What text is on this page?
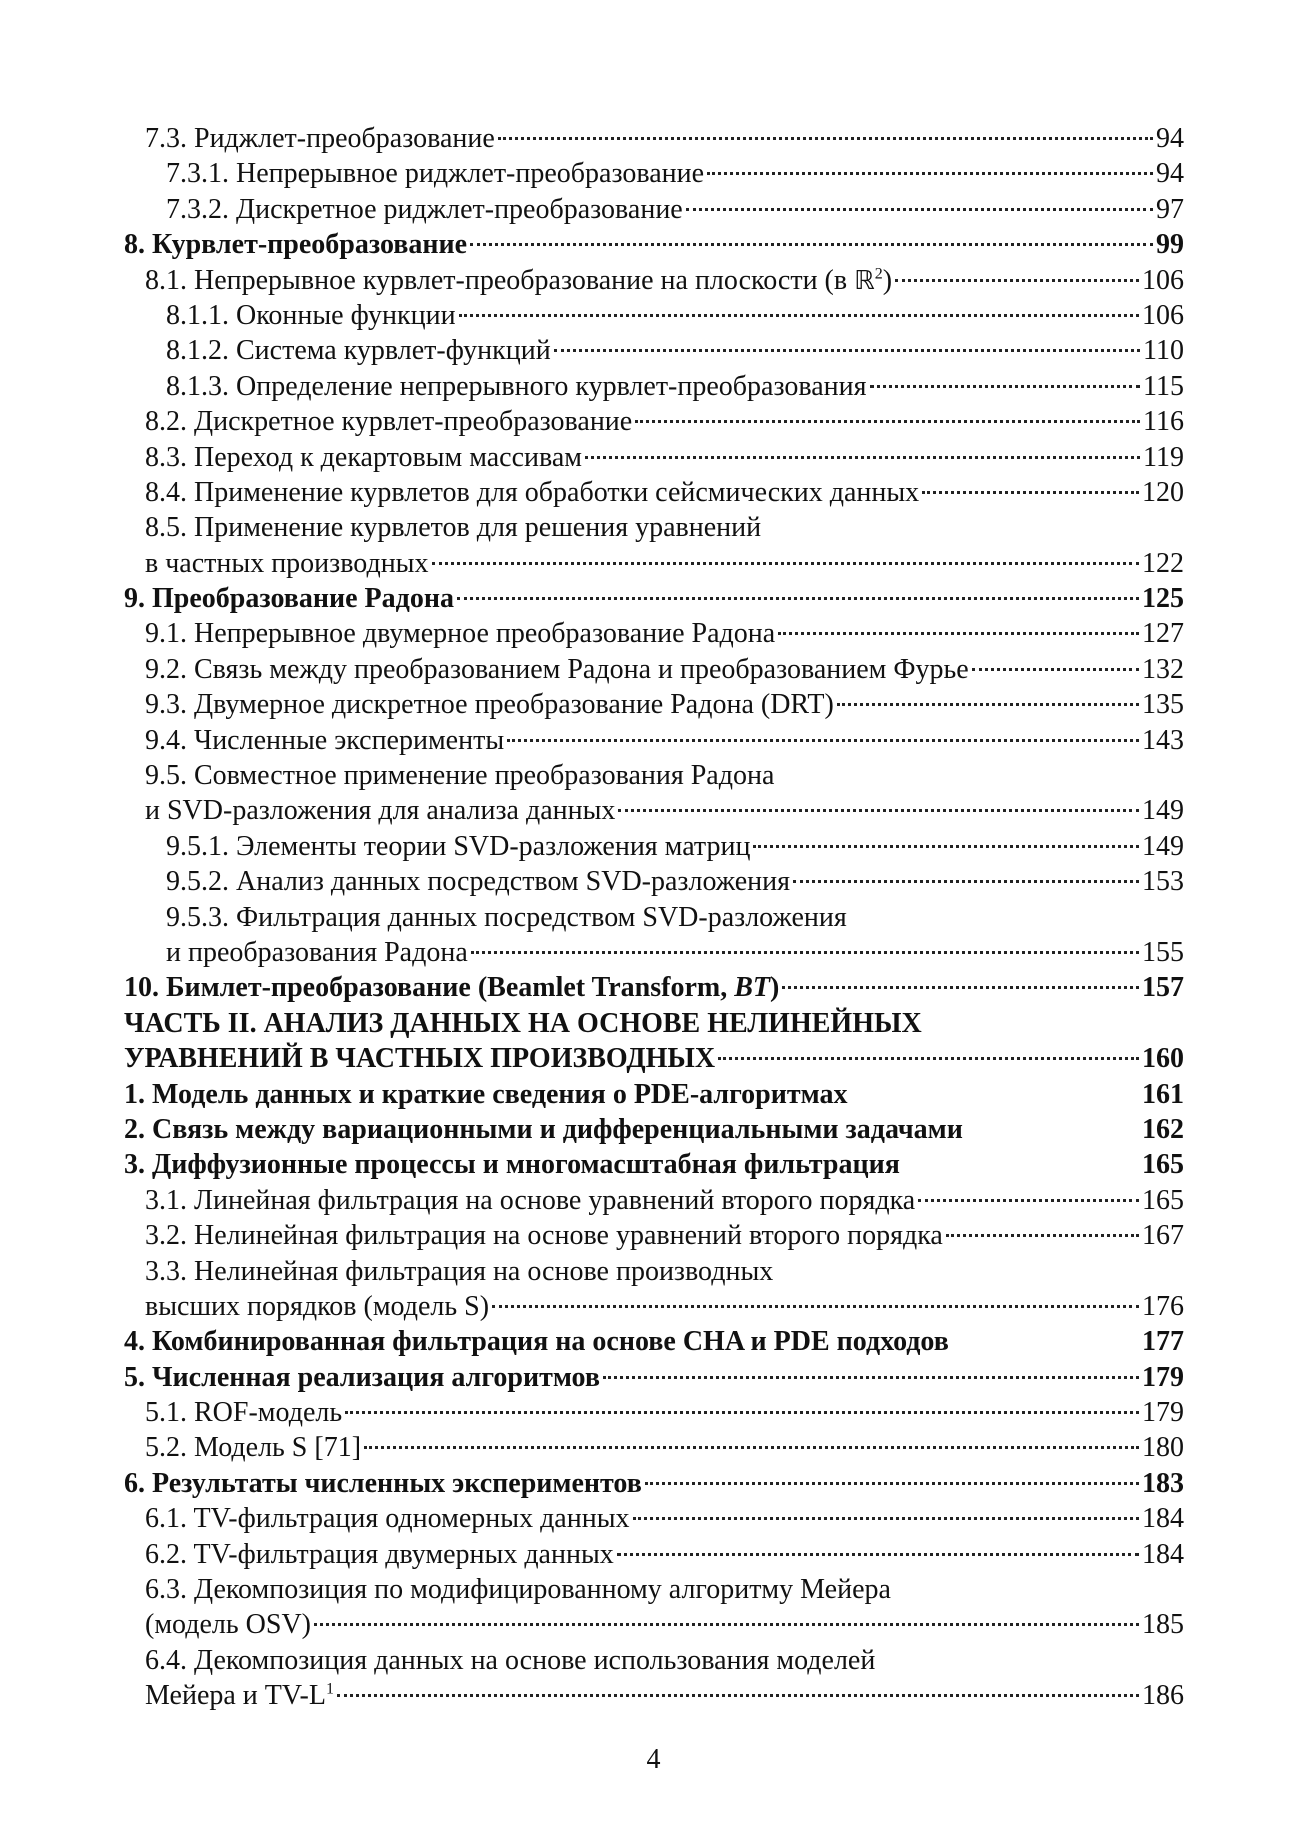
7.3. Риджлет-преобразование	94
7.3.1. Непрерывное риджлет-преобразование	94
7.3.2. Дискретное риджлет-преобразование	97
8. Курвлет-преобразование	99
8.1. Непрерывное курвлет-преобразование на плоскости (в ℝ$^2$)	106
8.1.1. Оконные функции	106
8.1.2. Система курвлет-функций	110
8.1.3. Определение непрерывного курвлет-преобразования	115
8.2. Дискретное курвлет-преобразование	116
8.3. Переход к декартовым массивам	119
8.4. Применение курвлетов для обработки сейсмических данных	120
8.5. Применение курвлетов для решения уравнений
в частных производных	122
9. Преобразование Радона	125
9.1. Непрерывное двумерное преобразование Радона	127
9.2. Связь между преобразованием Радона и преобразованием Фурье	132
9.3. Двумерное дискретное преобразование Радона (DRT)	135
9.4. Численные эксперименты	143
9.5. Совместное применение преобразования Радона
и SVD-разложения для анализа данных	149
9.5.1. Элементы теории SVD-разложения матриц	149
9.5.2. Анализ данных посредством SVD-разложения	153
9.5.3. Фильтрация данных посредством SVD-разложения
и преобразования Радона	155
10. Бимлет-преобразование (Beamlet Transform, BT)	157
ЧАСТЬ II. АНАЛИЗ ДАННЫХ НА ОСНОВЕ НЕЛИНЕЙНЫХ
УРАВНЕНИЙ В ЧАСТНЫХ ПРОИЗВОДНЫХ	160
1. Модель данных и краткие сведения о PDE-алгоритмах	161
2. Связь между вариационными и дифференциальными задачами	162
3. Диффузионные процессы и многомасштабная фильтрация	165
3.1. Линейная фильтрация на основе уравнений второго порядка	165
3.2. Нелинейная фильтрация на основе уравнений второго порядка	167
3.3. Нелинейная фильтрация на основе производных
высших порядков (модель S)	176
4. Комбинированная фильтрация на основе CHA и PDE подходов	177
5. Численная реализация алгоритмов	179
5.1. ROF-модель	179
5.2. Модель S [71]	180
6. Результаты численных экспериментов	183
6.1. TV-фильтрация одномерных данных	184
6.2. TV-фильтрация двумерных данных	184
6.3. Декомпозиция по модифицированному алгоритму Мейера
(модель OSV)	185
6.4. Декомпозиция данных на основе использования моделей
Мейера и $TV-L^1$	186
4
